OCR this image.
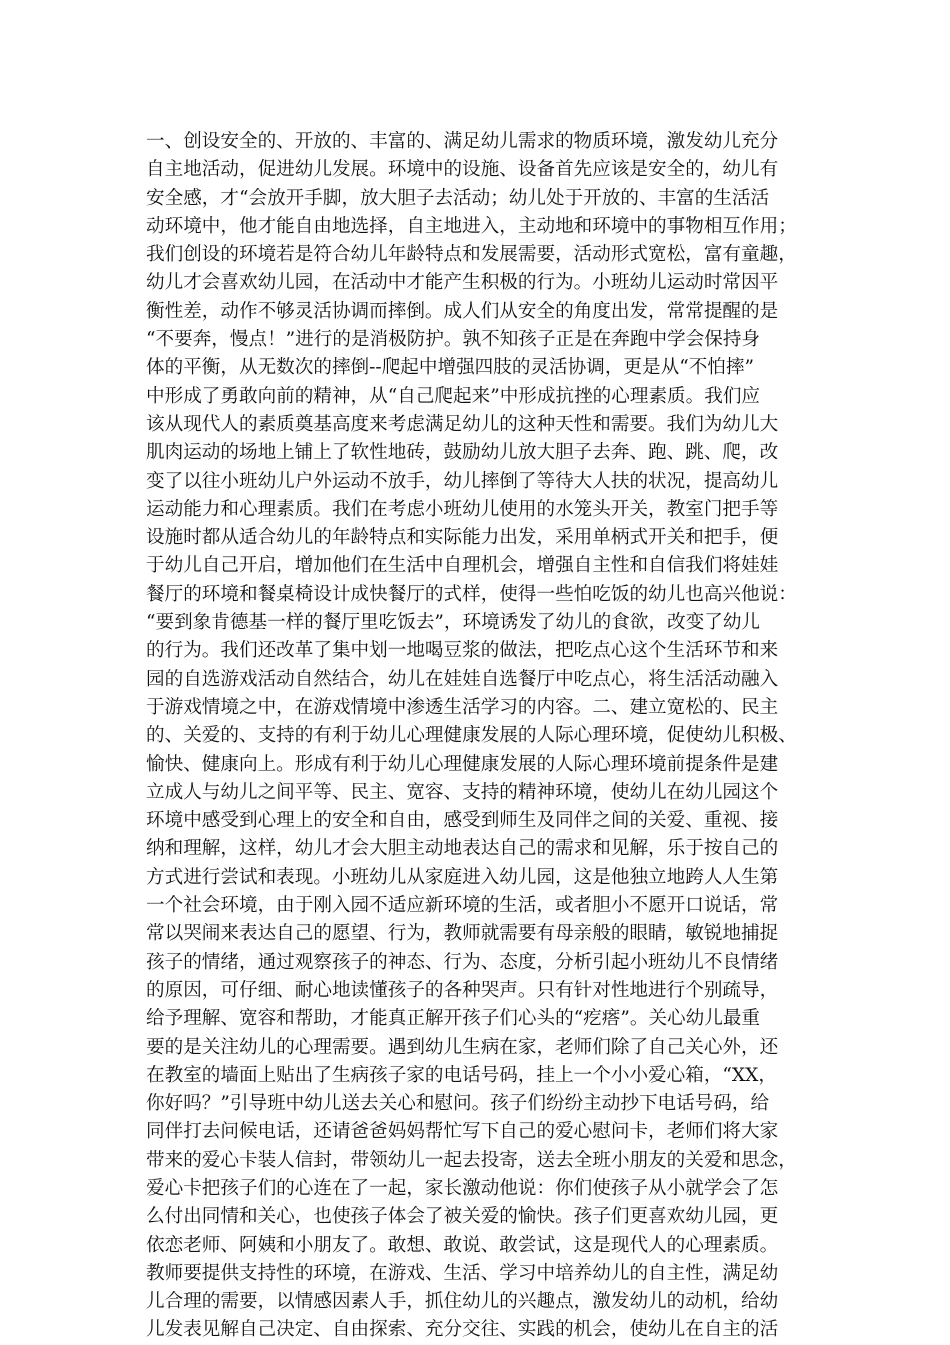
一、创设安全的、开放的、丰富的、满足幼儿需求的物质环境，激发幼儿充分
自主地活动，促进幼儿发展。环境中的设施、设备首先应该是安全的，幼儿有
安全感，才“会放开手脚，放大胆子去活动；幼儿处于开放的、丰富的生活活
动环境中，他才能自由地选择，自主地进入，主动地和环境中的事物相互作用；
我们创设的环境若是符合幼儿年龄特点和发展需要，活动形式宽松，富有童趣，
幼儿才会喜欢幼儿园，在活动中才能产生积极的行为。小班幼儿运动时常因平
衡性差，动作不够灵活协调而摔倒。成人们从安全的角度出发，常常提醒的是
“不要奔，慢点！”进行的是消极防护。孰不知孩子正是在奔跑中学会保持身
体的平衡，从无数次的摔倒--爬起中增强四肢的灵活协调，更是从“不怕摔”
中形成了勇敢向前的精神，从“自己爬起来”中形成抗挫的心理素质。我们应
该从现代人的素质奠基高度来考虑满足幼儿的这种天性和需要。我们为幼儿大
肌肉运动的场地上铺上了软性地砖，鼓励幼儿放大胆子去奔、跑、跳、爬，改
变了以往小班幼儿户外运动不放手，幼儿摔倒了等待大人扶的状况，提高幼儿
运动能力和心理素质。我们在考虑小班幼儿使用的水笼头开关，教室门把手等
设施时都从适合幼儿的年龄特点和实际能力出发，采用单柄式开关和把手，便
于幼儿自己开启，增加他们在生活中自理机会，增强自主性和自信我们将娃娃
餐厅的环境和餐桌椅设计成快餐厅的式样，使得一些怕吃饭的幼儿也高兴他说：
“要到象肯德基一样的餐厅里吃饭去”，环境诱发了幼儿的食欲，改变了幼儿
的行为。我们还改革了集中划一地喝豆浆的做法，把吃点心这个生活环节和来
园的自选游戏活动自然结合，幼儿在娃娃自选餐厅中吃点心，将生活活动融入
于游戏情境之中，在游戏情境中渗透生活学习的内容。二、建立宽松的、民主
的、关爱的、支持的有利于幼儿心理健康发展的人际心理环境，促使幼儿积极、
愉快、健康向上。形成有利于幼儿心理健康发展的人际心理环境前提条件是建
立成人与幼儿之间平等、民主、宽容、支持的精神环境，使幼儿在幼儿园这个
环境中感受到心理上的安全和自由，感受到师生及同伴之间的关爱、重视、接
纳和理解，这样，幼儿才会大胆主动地表达自己的需求和见解，乐于按自己的
方式进行尝试和表现。小班幼儿从家庭进入幼儿园，这是他独立地跨人人生第
一个社会环境，由于刚入园不适应新环境的生活，或者胆小不愿开口说话，常
常以哭闹来表达自己的愿望、行为，教师就需要有母亲般的眼睛，敏锐地捕捉
孩子的情绪，通过观察孩子的神态、行为、态度，分析引起小班幼儿不良情绪
的原因，可仔细、耐心地读懂孩子的各种哭声。只有针对性地进行个别疏导，
给予理解、宽容和帮助，才能真正解开孩子们心头的“疙瘩”。关心幼儿最重
要的是关注幼儿的心理需要。遇到幼儿生病在家，老师们除了自己关心外，还
在教室的墙面上贴出了生病孩子家的电话号码，挂上一个小小爱心箱，“XX，
你好吗？”引导班中幼儿送去关心和慰问。孩子们纷纷主动抄下电话号码，给
同伴打去问候电话，还请爸爸妈妈帮忙写下自己的爱心慰问卡，老师们将大家
带来的爱心卡装人信封，带领幼儿一起去投寄，送去全班小朋友的关爱和思念，
爱心卡把孩子们的心连在了一起，家长激动他说：你们使孩子从小就学会了怎
么付出同情和关心，也使孩子体会了被关爱的愉快。孩子们更喜欢幼儿园，更
依恋老师、阿姨和小朋友了。敢想、敢说、敢尝试，这是现代人的心理素质。
教师要提供支持性的环境，在游戏、生活、学习中培养幼儿的自主性，满足幼
儿合理的需要，以情感因素人手，抓住幼儿的兴趣点，激发幼儿的动机，给幼
儿发表见解自己决定、自由探索、充分交往、实践的机会，使幼儿在自主的活
